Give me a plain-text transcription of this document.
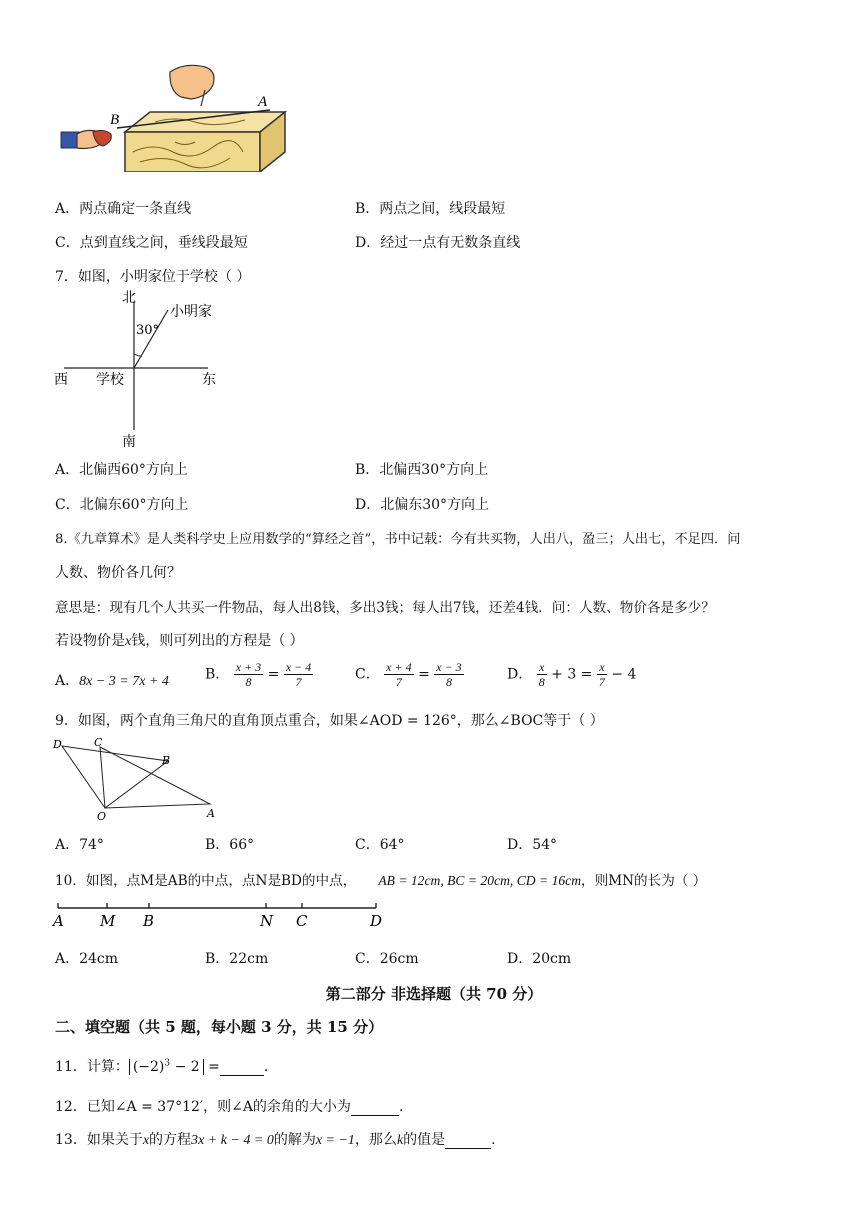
B
A
A．两点确定一条直线	B．两点之间，线段最短
C．点到直线之间，垂线段最短	D．经过一点有无数条直线
7．如图，小明家位于学校（ ）
北
南
西	东
学校
小明家
30°
A．北偏西60°方向上	B．北偏西30°方向上
C．北偏东60°方向上	D．北偏东30°方向上
8.《九章算术》是人类科学史上应用数学的“算经之首”，书中记载：今有共买物，人出八，盈三；人出七，不足四．问
人数、物价各几何？
意思是：现有几个人共买一件物品，每人出8钱，多出3钱；每人出7钱，还差4钱．问：人数、物价各是多少？
若设物价是x钱，则可列出的方程是（ ）
A．8x − 3 = 7x + 4	B． $\frac{x + 3}{8} = \frac{x - 4}{7}$	C． $\frac{x + 4}{7} = \frac{x - 3}{8}$	D． $\frac{x}{8} + 3 = \frac{x}{7} - 4$
9．如图，两个直角三角尺的直角顶点重合，如果∠AOD = 126°，那么∠BOC等于（ ）
D	C
B
A
O
A．74°	B．66°	C．64°	D．54°
10．如图，点M是AB的中点，点N是BD的中点， AB = 12cm, BC = 20cm, CD = 16cm，则MN的长为（ ）
A M B	N C	D
A．24cm	B．22cm	C．26cm	D．20cm
第二部分 非选择题（共 70 分）
二、填空题（共 5 题，每小题 3 分，共 15 分）
11．计算： $(-2)^3 - 2$ =	.
12．已知∠A = 37°12′，则∠A的余角的大小为	.
13．如果关于x的方程3x + k − 4 = 0的解为x = −1，那么k的值是	.
